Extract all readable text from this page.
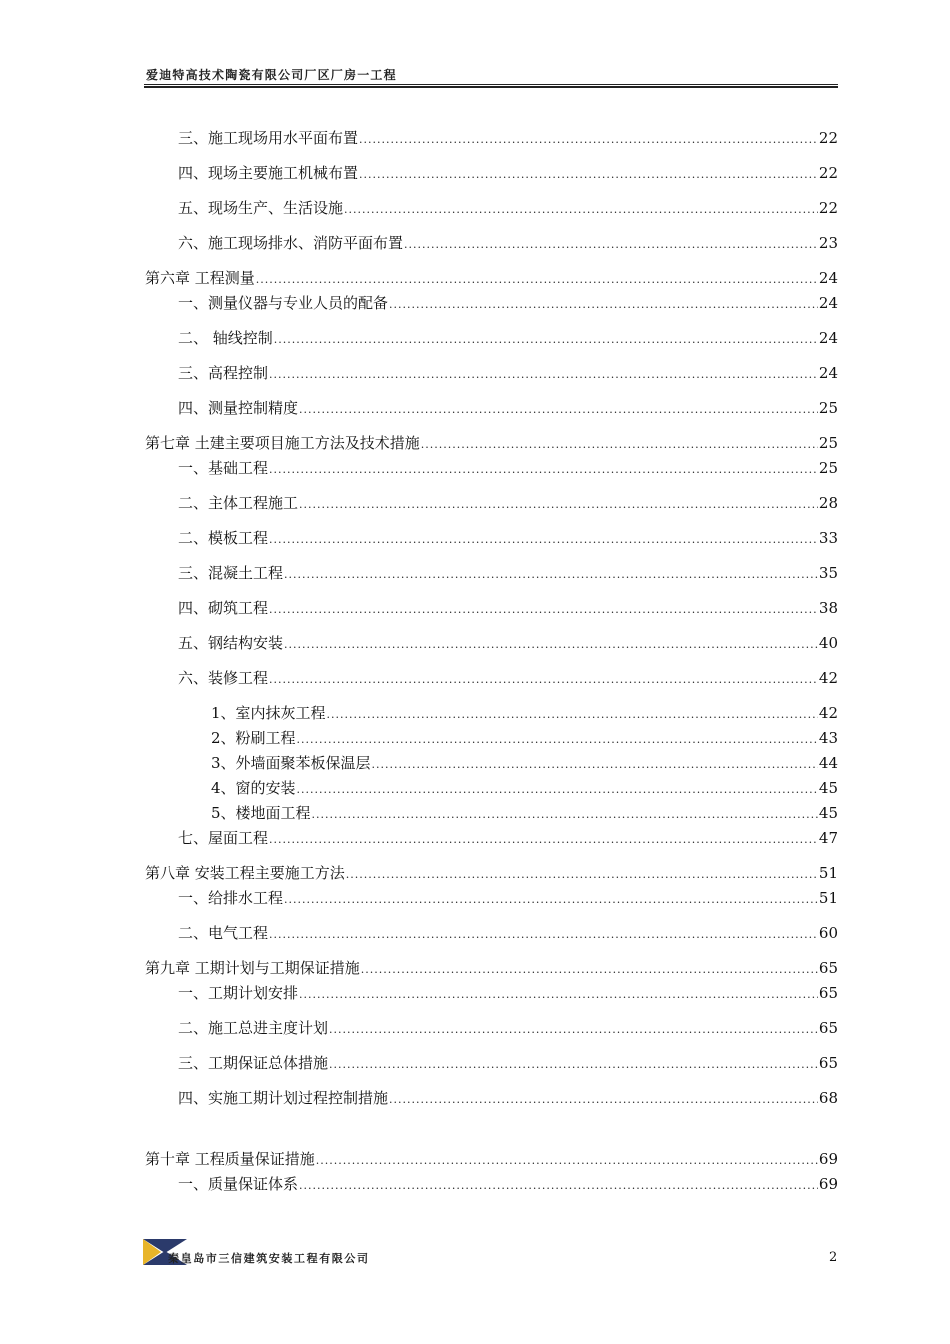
爱迪特高技术陶瓷有限公司厂区厂房一工程
三、施工现场用水平面布置 .....	22
四、现场主要施工机械布置 .....	22
五、现场生产、生活设施 .....	22
六、施工现场排水、消防平面布置 .....	23
第六章 工程测量 .....	24
一、测量仪器与专业人员的配备 .....	24
二、 轴线控制 .....	24
三、高程控制 .....	24
四、测量控制精度 .....	25
第七章 土建主要项目施工方法及技术措施 .....	25
一、基础工程 .....	25
二、主体工程施工 .....	28
二、模板工程 .....	33
三、混凝土工程 .....	35
四、砌筑工程 .....	38
五、钢结构安装 .....	40
六、装修工程 .....	42
1、室内抹灰工程 .....	42
2、粉刷工程 .....	43
3、外墙面聚苯板保温层 .....	44
4、窗的安装 .....	45
5、楼地面工程 .....	45
七、屋面工程 .....	47
第八章 安装工程主要施工方法 .....	51
一、给排水工程 .....	51
二、电气工程 .....	60
第九章 工期计划与工期保证措施 .....	65
一、工期计划安排 .....	65
二、施工总进主度计划 .....	65
三、工期保证总体措施 .....	65
四、实施工期计划过程控制措施 .....	68
第十章 工程质量保证措施 .....	69
一、质量保证体系 .....	69
秦皇岛市三信建筑安装工程有限公司	2
